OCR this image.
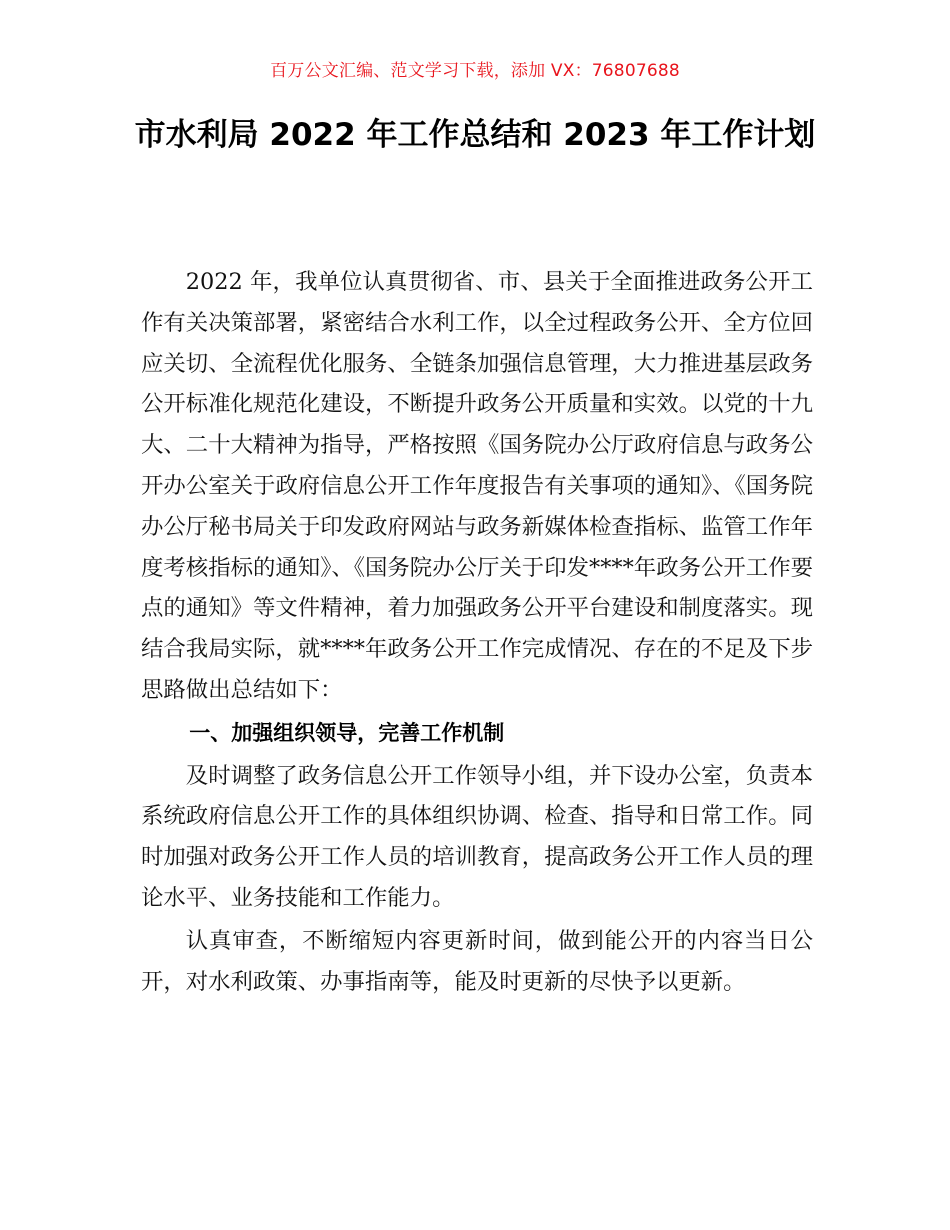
百万公文汇编、范文学习下载，添加 VX：76807688
市水利局 2022 年工作总结和 2023 年工作计划

2022 年，我单位认真贯彻省、市、县关于全面推进政务公开工作有关决策部署，紧密结合水利工作，以全过程政务公开、全方位回应关切、全流程优化服务、全链条加强信息管理，大力推进基层政务公开标准化规范化建设，不断提升政务公开质量和实效。以党的十九大、二十大精神为指导，严格按照《国务院办公厅政府信息与政务公开办公室关于政府信息公开工作年度报告有关事项的通知》、《国务院办公厅秘书局关于印发政府网站与政务新媒体检查指标、监管工作年度考核指标的通知》、《国务院办公厅关于印发****年政务公开工作要点的通知》等文件精神，着力加强政务公开平台建设和制度落实。现结合我局实际，就****年政务公开工作完成情况、存在的不足及下步思路做出总结如下：

一、加强组织领导，完善工作机制

及时调整了政务信息公开工作领导小组，并下设办公室，负责本系统政府信息公开工作的具体组织协调、检查、指导和日常工作。同时加强对政务公开工作人员的培训教育，提高政务公开工作人员的理论水平、业务技能和工作能力。

认真审查，不断缩短内容更新时间，做到能公开的内容当日公开，对水利政策、办事指南等，能及时更新的尽快予以更新。
